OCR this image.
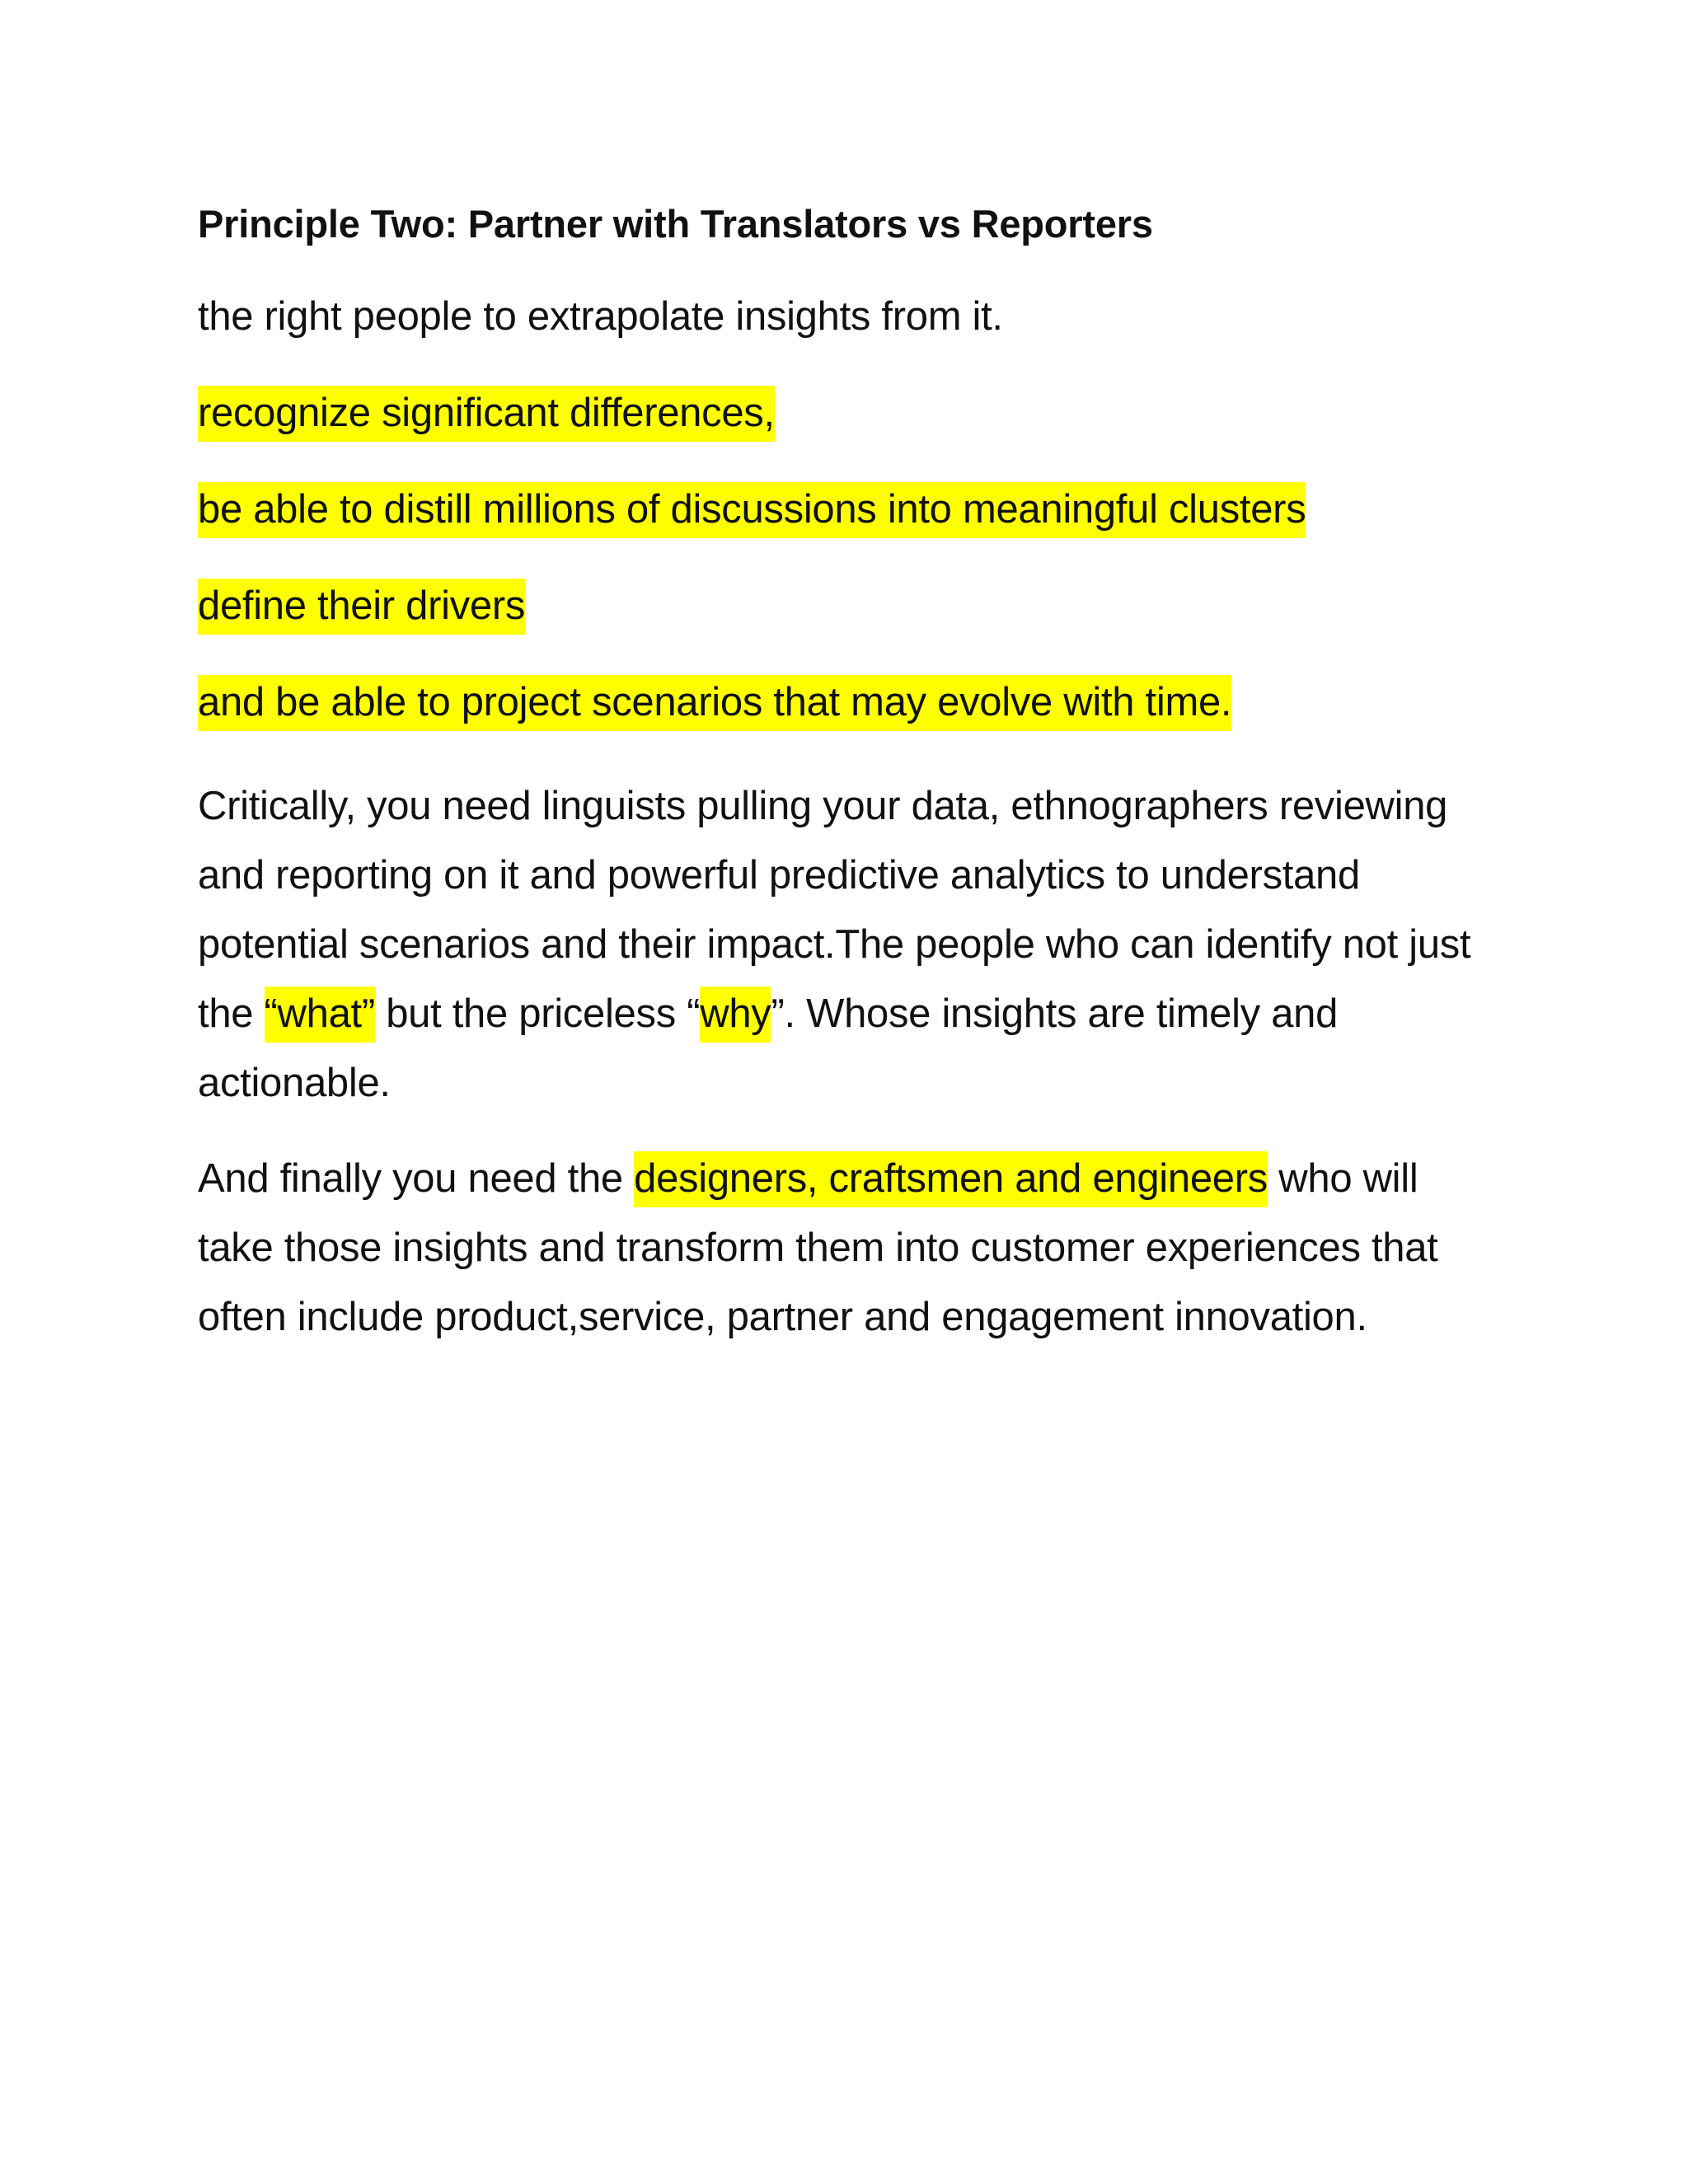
Principle Two: Partner with Translators vs Reporters
the right people to extrapolate insights from it.
recognize significant differences,
be able to distill millions of discussions into meaningful clusters
define their drivers
and be able to project scenarios that may evolve with time.

Critically, you need linguists pulling your data, ethnographers reviewing and reporting on it and powerful predictive analytics to understand potential scenarios and their impact.The people who can identify not just the “what” but the priceless “why”. Whose insights are timely and actionable.

And finally you need the designers, craftsmen and engineers who will take those insights and transform them into customer experiences that often include product,service, partner and engagement innovation.
